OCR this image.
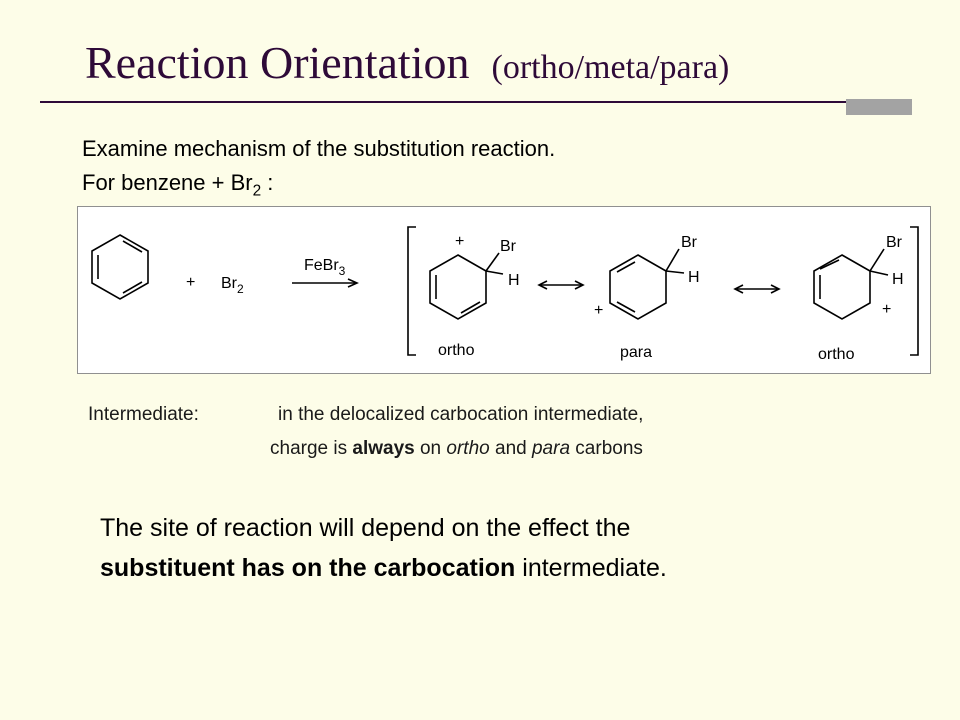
Reaction Orientation (ortho/meta/para)
Examine mechanism of the substitution reaction.
For benzene + $Br_2$ :
+ $Br_2$
FeBr$_3$
+ Br
H
ortho
+
Br
H
para
+
Br
H
ortho
Intermediate:	in the delocalized carbocation intermediate,
charge is always on ortho and para carbons
The site of reaction will depend on the effect the
substituent has on the carbocation intermediate.
